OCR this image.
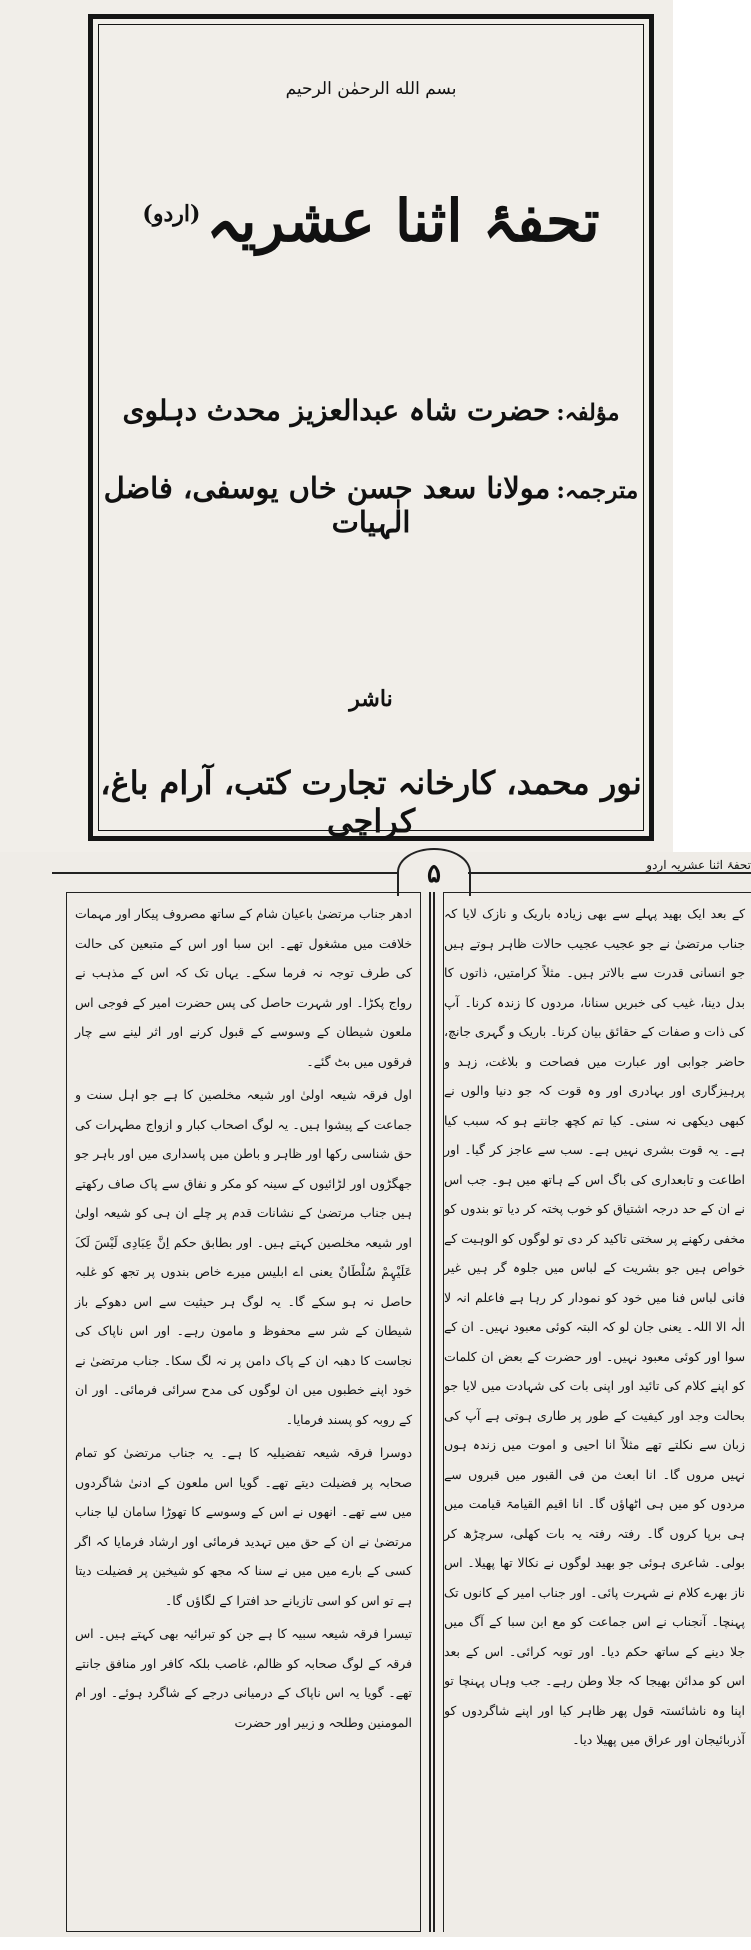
بسم الله الرحمٰن الرحیم
تحفۂ اثنا عشریہ$^{(اردو)}$
مؤلفہ:حضرت شاہ عبدالعزیز محدث دہلوی
مترجمہ:مولانا سعد حسن خاں یوسفی، فاضل الٰہیات
ناشر
نور محمد، کارخانہ تجارت کتب، آرام باغ، کراچی
۵	تحفۂ اثنا عشریہ اردو

ادھر جناب مرتضیٰ باعیان شام کے ساتھ مصروف پیکار اور مہمات خلافت میں مشغول تھے۔ ابن سبا اور اس کے متبعین کی حالت کی طرف توجہ نہ فرما سکے۔ یہاں تک کہ اس کے مذہب نے رواج پکڑا۔ اور شہرت حاصل کی پس حضرت امیر کے فوجی اس ملعون شیطان کے وسوسے کے قبول کرنے اور اثر لینے سے چار فرقوں میں بٹ گئے۔

اول فرقہ شیعہ اولیٰ اور شیعہ مخلصین کا ہے جو اہل سنت و جماعت کے پیشوا ہیں۔ یہ لوگ اصحاب کبار و ازواج مطہرات کی حق شناسی رکھا اور ظاہر و باطن میں پاسداری میں اور باہر جو جھگڑوں اور لڑائیوں کے سینہ کو مکر و نفاق سے پاک صاف رکھتے ہیں جناب مرتضیٰ کے نشانات قدم پر چلے ان ہی کو شیعہ اولیٰ اور شیعہ مخلصین کہتے ہیں۔ اور بطابق حکم اِنَّ عِبَادِی لَیْسَ لَکَ عَلَیْہِمْ سُلْطَانٌ یعنی اے ابلیس میرے خاص بندوں پر تجھ کو غلبہ حاصل نہ ہو سکے گا۔ یہ لوگ ہر حیثیت سے اس دھوکے باز شیطان کے شر سے محفوظ و مامون رہے۔ اور اس ناپاک کی نجاست کا دھبہ ان کے پاک دامن پر نہ لگ سکا۔ جناب مرتضیٰ نے خود اپنے خطبوں میں ان لوگوں کی مدح سرائی فرمائی۔ اور ان کے روبہ کو پسند فرمایا۔

دوسرا فرقہ شیعہ تفضیلیہ کا ہے۔ یہ جناب مرتضیٰ کو تمام صحابہ پر فضیلت دیتے تھے۔ گویا اس ملعون کے ادنیٰ شاگردوں میں سے تھے۔ انھوں نے اس کے وسوسے کا تھوڑا سامان لیا جناب مرتضیٰ نے ان کے حق میں تہدید فرمائی اور ارشاد فرمایا کہ اگر کسی کے بارے میں میں نے سنا کہ مجھ کو شیخین پر فضیلت دیتا ہے تو اس کو اسی تازیانے حد افترا کے لگاؤں گا۔

تیسرا فرقہ شیعہ سبیہ کا ہے جن کو تبرائیہ بھی کہتے ہیں۔ اس فرقہ کے لوگ صحابہ کو ظالم، غاصب بلکہ کافر اور منافق جانتے تھے۔ گویا یہ اس ناپاک کے درمیانی درجے کے شاگرد ہوئے۔ اور ام المومنین وطلحہ و زبیر اور حضرت

کے بعد ایک بھید پہلے سے بھی زیادہ باریک و نازک لایا کہ جناب مرتضیٰ نے جو عجیب عجیب حالات ظاہر ہوتے ہیں جو انسانی قدرت سے بالاتر ہیں۔ مثلاً کرامتیں، ذاتوں کا بدل دینا، غیب کی خبریں سنانا، مردوں کا زندہ کرنا۔ آپ کی ذات و صفات کے حقائق بیان کرنا۔ باریک و گہری جانچ، حاضر جوابی اور عبارت میں فصاحت و بلاغت، زہد و پرہیزگاری اور بہادری اور وہ قوت کہ جو دنیا والوں نے کبھی دیکھی نہ سنی۔ کیا تم کچھ جانتے ہو کہ سبب کیا ہے۔ یہ قوت بشری نہیں ہے۔ سب سے عاجز کر گیا۔ اور اطاعت و تابعداری کی باگ اس کے ہاتھ میں ہو۔ جب اس نے ان کے حد درجہ اشتیاق کو خوب پختہ کر دیا تو بندوں کو مخفی رکھنے پر سختی تاکید کر دی تو لوگوں کو الوہیت کے خواص ہیں جو بشریت کے لباس میں جلوہ گر ہیں غیر فانی لباس فنا میں خود کو نمودار کر رہا ہے فاعلم انہ لا الٰہ الا اللہ۔ یعنی جان لو کہ البتہ کوئی معبود نہیں۔ ان کے سوا اور کوئی معبود نہیں۔ اور حضرت کے بعض ان کلمات کو اپنے کلام کی تائید اور اپنی بات کی شہادت میں لایا جو بحالت وجد اور کیفیت کے طور پر طاری ہوتی ہے آپ کی زبان سے نکلتے تھے مثلاً انا احیی و اموت میں زندہ ہوں نہیں مروں گا۔ انا ابعث من فی القبور میں قبروں سے مردوں کو میں ہی اٹھاؤں گا۔ انا اقیم القیامۃ قیامت میں ہی برپا کروں گا۔ رفتہ رفتہ یہ بات کھلی، سرچڑھ کر بولی۔ شاعری ہوئی جو بھید لوگوں نے نکالا تھا پھیلا۔ اس ناز بھرے کلام نے شہرت پائی۔ اور جناب امیر کے کانوں تک پہنچا۔ آنجناب نے اس جماعت کو مع ابن سبا کے آگ میں جلا دینے کے ساتھ حکم دیا۔ اور توبہ کرائی۔ اس کے بعد اس کو مدائن بھیجا کہ جلا وطن رہے۔ جب وہاں پہنچا تو اپنا وہ ناشائستہ قول پھر ظاہر کیا اور اپنے شاگردوں کو آذربائیجان اور عراق میں پھیلا دیا۔
